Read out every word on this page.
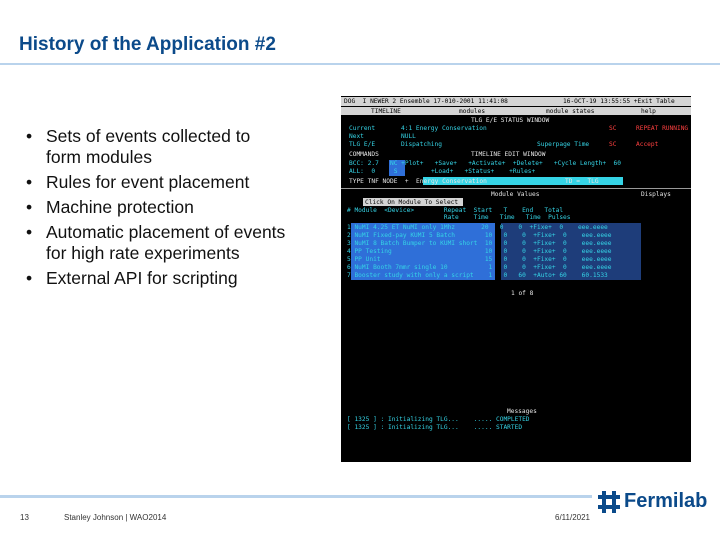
History of the Application #2
• Sets of events collected to
form modules
• Rules for event placement
• Machine protection
• Automatic placement of events
for high rate experiments
• External API for scripting
DOG  I NEWER 2 Ensemble 17-010-2001 11:41:08	16-OCT-19 13:55:55 +Exit Table
TIMELINE	modules	module states	help
TLG E/E STATUS WINDOW
Current	4:1 Energy Conservation	SC	REPEAT RUNNING
Next	NULL
TLG E/E	Dispatching	Superpage Time	SC	Accept
TIMELINE EDIT WINDOW
COMMANDS
BCC: 2.7   NC +Plot+   +Save+   +Activate+  +Delete+   +Cycle Length+  60
ALL:  0     S         +Load+   +Status+    +Rules+
TYPE TNF NODE  +  Energy Conservation                     TD =  TLG
Module Values	Displays
Click On Module To Select
# Module  <Device>        Repeat  Start   T    End   Total
Rate    Time   Time   Time  Pulses
1 NuMI 4.25 ET NuMI only 1Mhz       20   0    0  +Fixe+  0    eee.eeee
2 NuMI Fixed-pay KUMI 5 Batch        10   0    0  +Fixe+  0    eee.eeee
3 NuMI 8 Batch Bumper to KUMI short  10   0    0  +Fixe+  0    eee.eeee
4 PP Testing                         10   0    0  +Fixe+  0    eee.eeee
5 PP Unit                            15   0    0  +Fixe+  0    eee.eeee
6 NuMI Booth 7mmr single 10           1   0    0  +Fixe+  0    eee.eeee
7 Booster study with only a script    1   0   60  +Auto+ 60    60.1533
1 of 8
Messages
[ 1325 ] : Initializing TLG...    ..... COMPLETED
[ 1325 ] : Initializing TLG...    ..... STARTED
13	Stanley Johnson | WAO2014	6/11/2021
Fermilab
